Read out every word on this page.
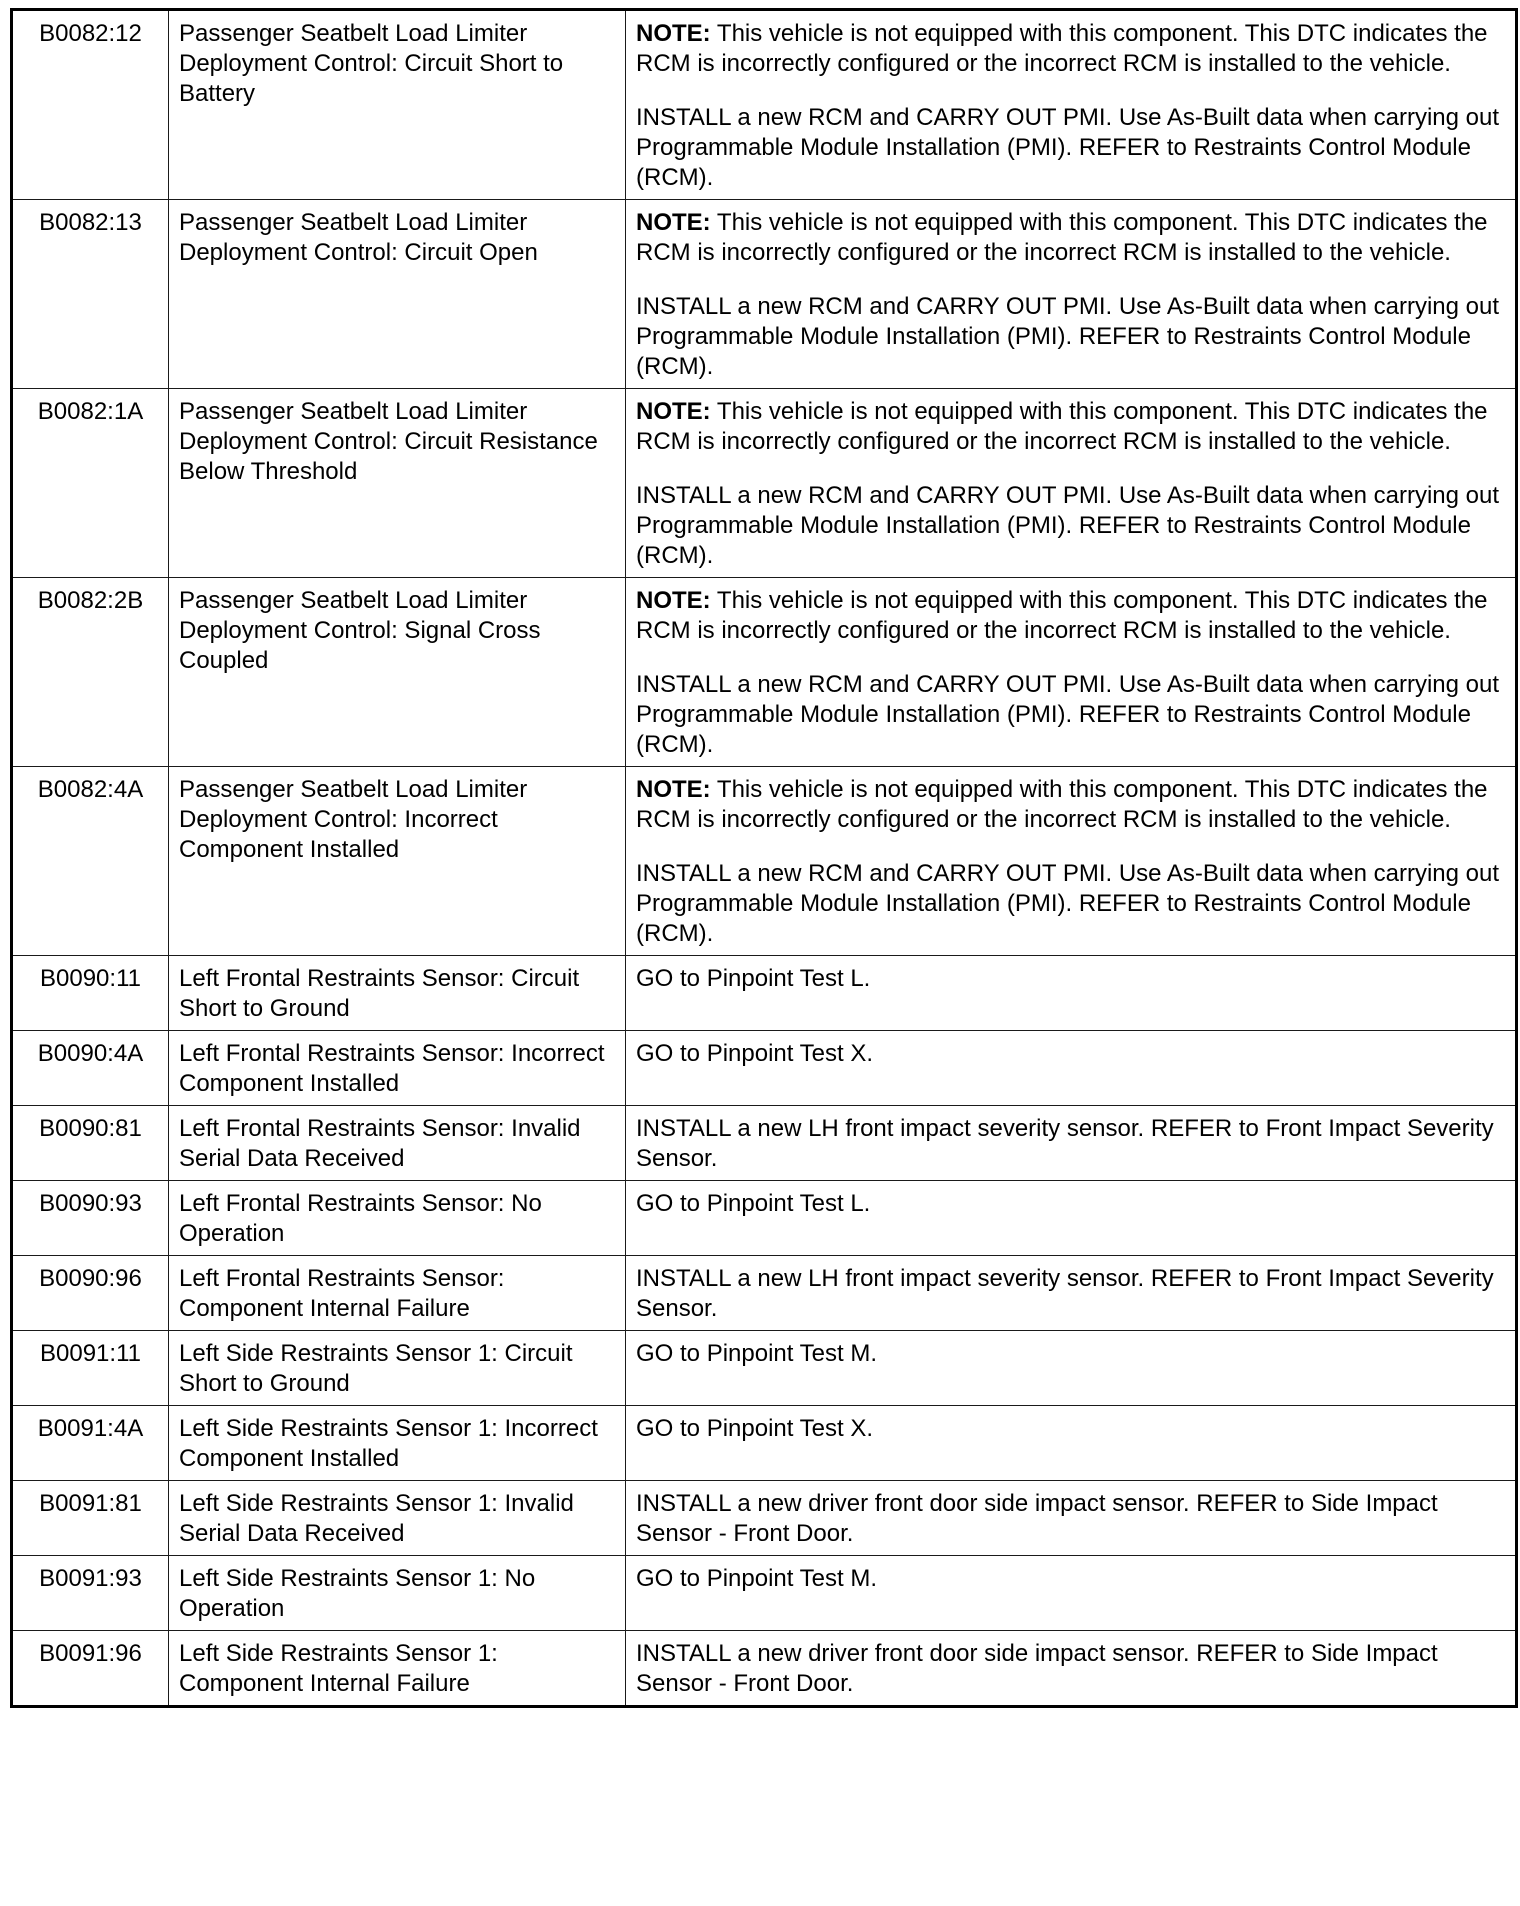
B0082:12	Passenger Seatbelt Load Limiter Deployment Control: Circuit Short to Battery	NOTE: This vehicle is not equipped with this component. This DTC indicates the RCM is incorrectly configured or the incorrect RCM is installed to the vehicle.

INSTALL a new RCM and CARRY OUT PMI. Use As-Built data when carrying out Programmable Module Installation (PMI). REFER to Restraints Control Module (RCM).

B0082:13	Passenger Seatbelt Load Limiter Deployment Control: Circuit Open	NOTE: This vehicle is not equipped with this component. This DTC indicates the RCM is incorrectly configured or the incorrect RCM is installed to the vehicle.

INSTALL a new RCM and CARRY OUT PMI. Use As-Built data when carrying out Programmable Module Installation (PMI). REFER to Restraints Control Module (RCM).

B0082:1A	Passenger Seatbelt Load Limiter Deployment Control: Circuit Resistance Below Threshold	NOTE: This vehicle is not equipped with this component. This DTC indicates the RCM is incorrectly configured or the incorrect RCM is installed to the vehicle.

INSTALL a new RCM and CARRY OUT PMI. Use As-Built data when carrying out Programmable Module Installation (PMI). REFER to Restraints Control Module (RCM).

B0082:2B	Passenger Seatbelt Load Limiter Deployment Control: Signal Cross Coupled	NOTE: This vehicle is not equipped with this component. This DTC indicates the RCM is incorrectly configured or the incorrect RCM is installed to the vehicle.

INSTALL a new RCM and CARRY OUT PMI. Use As-Built data when carrying out Programmable Module Installation (PMI). REFER to Restraints Control Module (RCM).

B0082:4A	Passenger Seatbelt Load Limiter Deployment Control: Incorrect Component Installed	NOTE: This vehicle is not equipped with this component. This DTC indicates the RCM is incorrectly configured or the incorrect RCM is installed to the vehicle.

INSTALL a new RCM and CARRY OUT PMI. Use As-Built data when carrying out Programmable Module Installation (PMI). REFER to Restraints Control Module (RCM).

B0090:11	Left Frontal Restraints Sensor: Circuit Short to Ground	GO to Pinpoint Test L.

B0090:4A	Left Frontal Restraints Sensor: Incorrect Component Installed	GO to Pinpoint Test X.

B0090:81	Left Frontal Restraints Sensor: Invalid Serial Data Received	INSTALL a new LH front impact severity sensor. REFER to Front Impact Severity Sensor.

B0090:93	Left Frontal Restraints Sensor: No Operation	GO to Pinpoint Test L.

B0090:96	Left Frontal Restraints Sensor: Component Internal Failure	INSTALL a new LH front impact severity sensor. REFER to Front Impact Severity Sensor.

B0091:11	Left Side Restraints Sensor 1: Circuit Short to Ground	GO to Pinpoint Test M.

B0091:4A	Left Side Restraints Sensor 1: Incorrect Component Installed	GO to Pinpoint Test X.

B0091:81	Left Side Restraints Sensor 1: Invalid Serial Data Received	INSTALL a new driver front door side impact sensor. REFER to Side Impact Sensor - Front Door.

B0091:93	Left Side Restraints Sensor 1: No Operation	GO to Pinpoint Test M.

B0091:96	Left Side Restraints Sensor 1: Component Internal Failure	INSTALL a new driver front door side impact sensor. REFER to Side Impact Sensor - Front Door.
